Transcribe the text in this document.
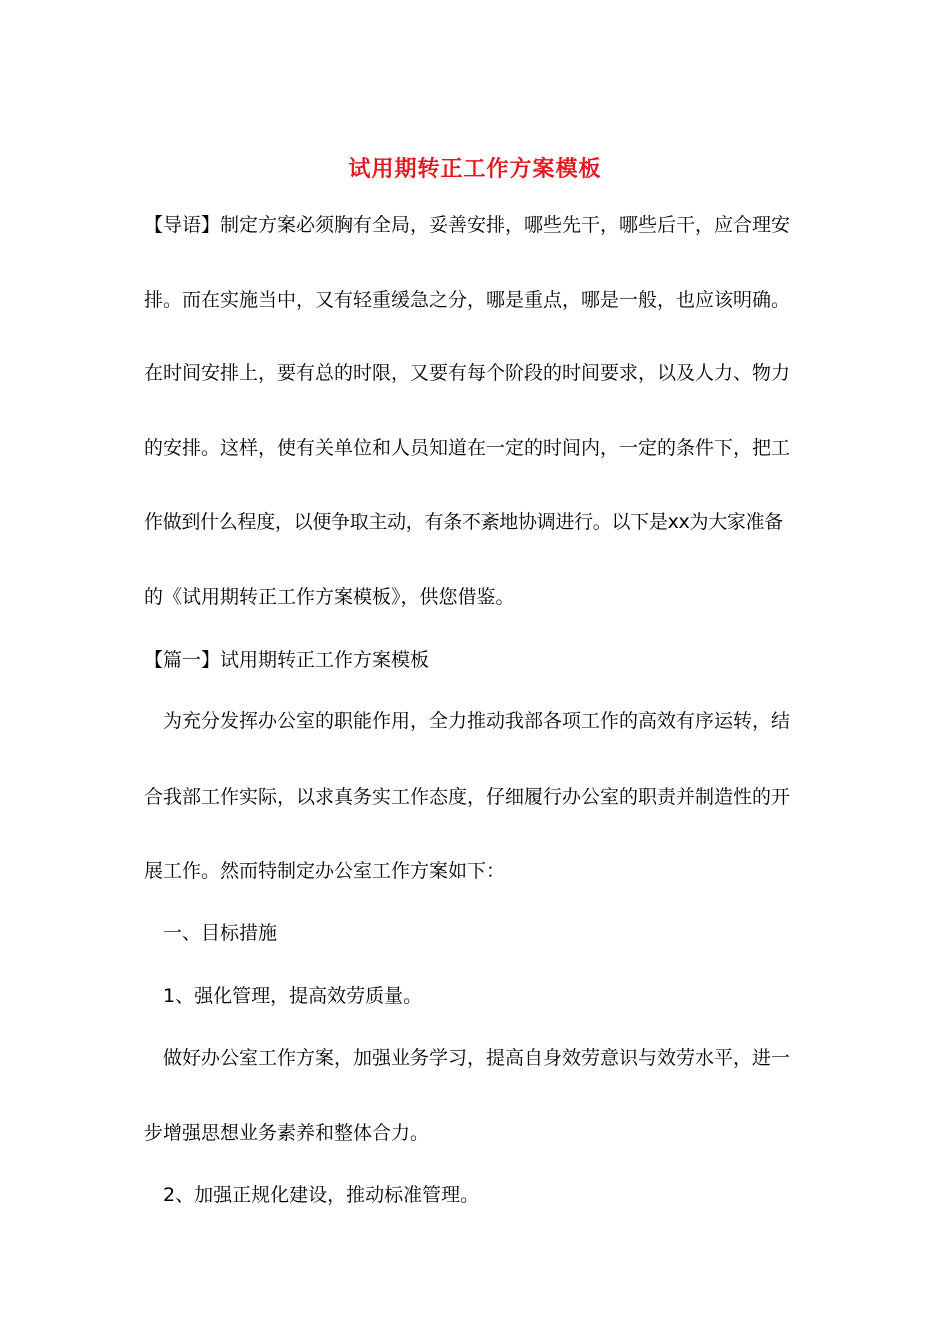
试用期转正工作方案模板
【导语】制定方案必须胸有全局，妥善安排，哪些先干，哪些后干，应合理安
排。而在实施当中，又有轻重缓急之分，哪是重点，哪是一般，也应该明确。
在时间安排上，要有总的时限，又要有每个阶段的时间要求，以及人力、物力
的安排。这样，使有关单位和人员知道在一定的时间内，一定的条件下，把工
作做到什么程度，以便争取主动，有条不紊地协调进行。以下是xx为大家准备
的《试用期转正工作方案模板》，供您借鉴。
【篇一】试用期转正工作方案模板
为充分发挥办公室的职能作用，全力推动我部各项工作的高效有序运转，结
合我部工作实际，以求真务实工作态度，仔细履行办公室的职责并制造性的开
展工作。然而特制定办公室工作方案如下：
一、目标措施
1、强化管理，提高效劳质量。
做好办公室工作方案，加强业务学习，提高自身效劳意识与效劳水平，进一
步增强思想业务素养和整体合力。
2、加强正规化建设，推动标准管理。
